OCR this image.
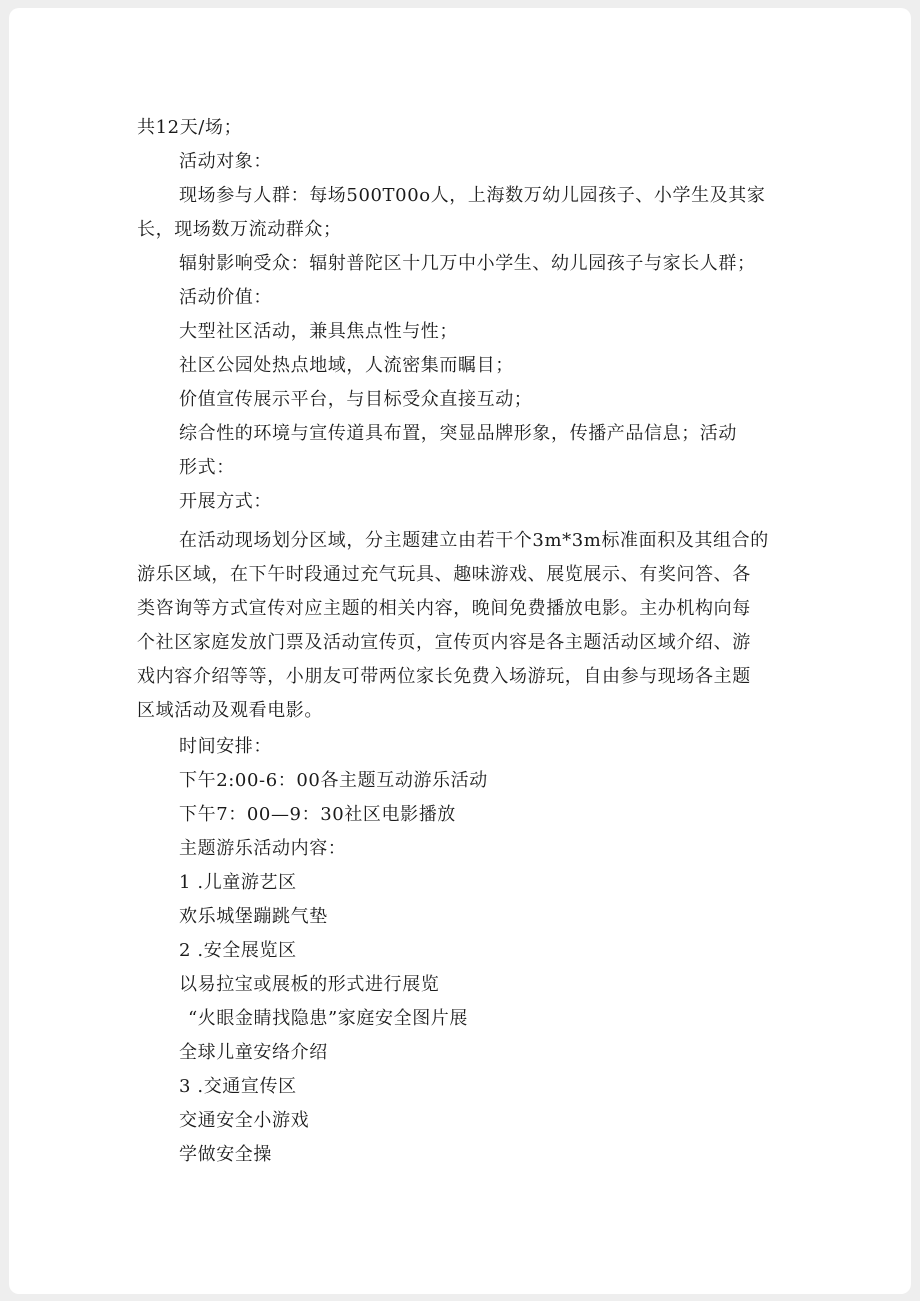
共12天/场；
活动对象：
现场参与人群：每场500T00o人，上海数万幼儿园孩子、小学生及其家
长，现场数万流动群众；
辐射影响受众：辐射普陀区十几万中小学生、幼儿园孩子与家长人群；
活动价值：
大型社区活动，兼具焦点性与性；
社区公园处热点地域，人流密集而瞩目；
价值宣传展示平台，与目标受众直接互动；
综合性的环境与宣传道具布置，突显品牌形象，传播产品信息；活动
形式：
开展方式：
在活动现场划分区域，分主题建立由若干个3m*3m标准面积及其组合的
游乐区域，在下午时段通过充气玩具、趣味游戏、展览展示、有奖问答、各
类咨询等方式宣传对应主题的相关内容，晚间免费播放电影。主办机构向每
个社区家庭发放门票及活动宣传页，宣传页内容是各主题活动区域介绍、游
戏内容介绍等等，小朋友可带两位家长免费入场游玩，自由参与现场各主题
区域活动及观看电影。
时间安排：
下午2:00-6：00各主题互动游乐活动
下午7：00—9：30社区电影播放
主题游乐活动内容：
1 .儿童游艺区
欢乐城堡蹦跳气垫
2 .安全展览区
以易拉宝或展板的形式进行展览
“火眼金睛找隐患”家庭安全图片展
全球儿童安络介绍
3 .交通宣传区
交通安全小游戏
学做安全操
